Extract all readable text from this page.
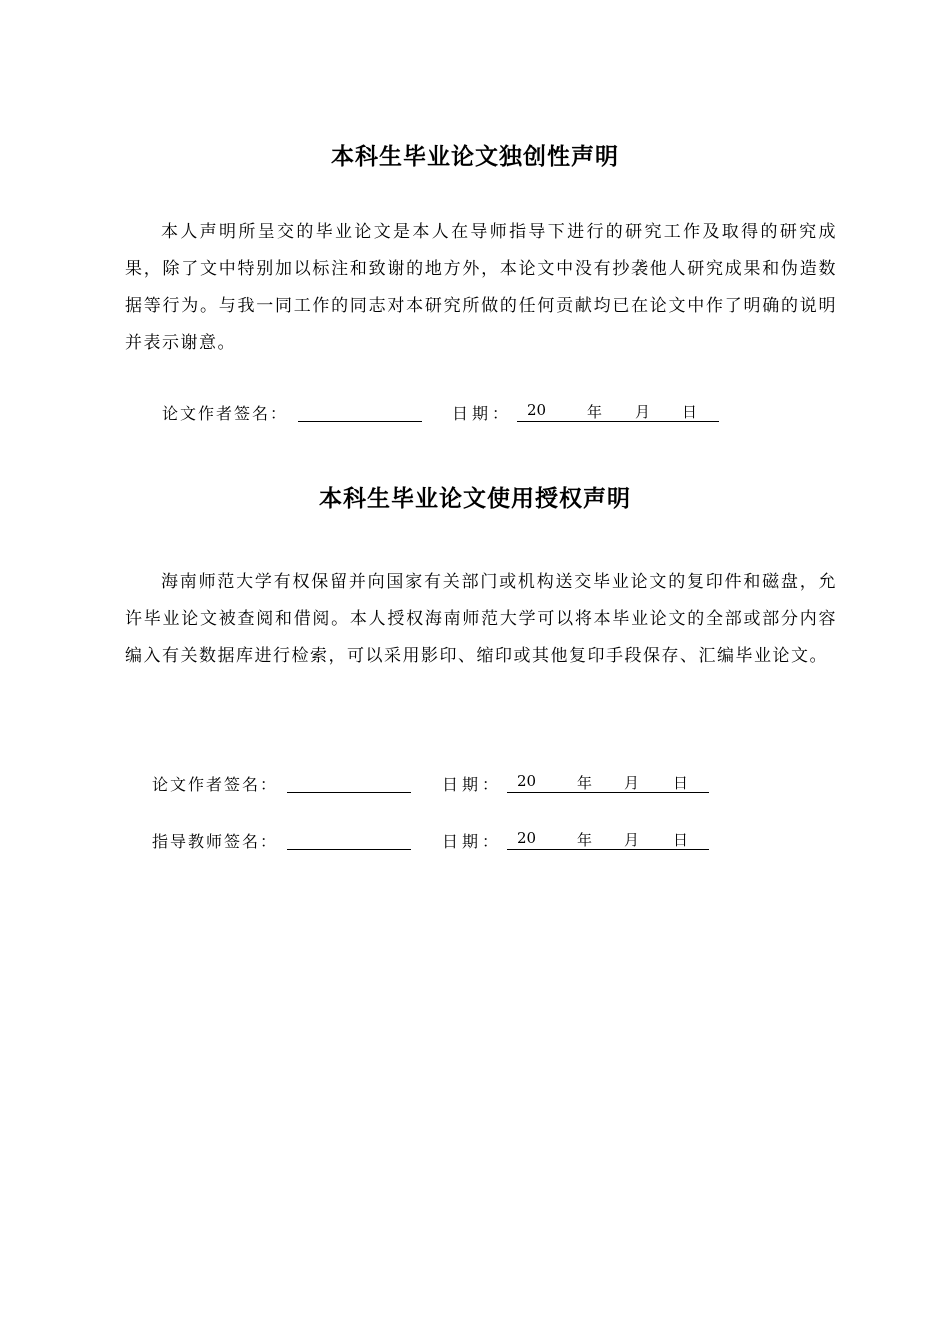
本科生毕业论文独创性声明
本人声明所呈交的毕业论文是本人在导师指导下进行的研究工作及取得的研究成果，除了文中特别加以标注和致谢的地方外，本论文中没有抄袭他人研究成果和伪造数据等行为。与我一同工作的同志对本研究所做的任何贡献均已在论文中作了明确的说明并表示谢意。
论文作者签名：	日期： 20	年 月 日
本科生毕业论文使用授权声明
海南师范大学有权保留并向国家有关部门或机构送交毕业论文的复印件和磁盘，允许毕业论文被查阅和借阅。本人授权海南师范大学可以将本毕业论文的全部或部分内容编入有关数据库进行检索，可以采用影印、缩印或其他复印手段保存、汇编毕业论文。
论文作者签名：	日期： 20	年 月 日
指导教师签名：	日期： 20	年 月 日
